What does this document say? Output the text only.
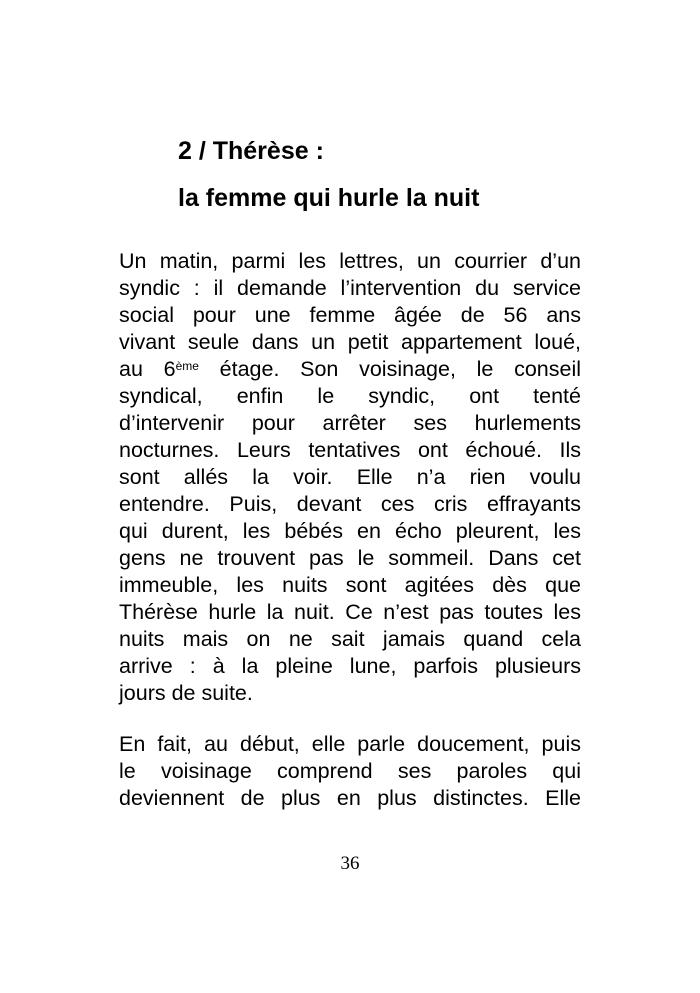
2 / Thérèse :
la femme qui hurle la nuit
Un matin, parmi les lettres, un courrier d’un
syndic : il demande l’intervention du service
social pour une femme âgée de 56 ans
vivant seule dans un petit appartement loué,
au 6ème étage. Son voisinage, le conseil
syndical, enfin le syndic, ont tenté
d’intervenir pour arrêter ses hurlements
nocturnes. Leurs tentatives ont échoué. Ils
sont allés la voir. Elle n’a rien voulu
entendre. Puis, devant ces cris effrayants
qui durent, les bébés en écho pleurent, les
gens ne trouvent pas le sommeil. Dans cet
immeuble, les nuits sont agitées dès que
Thérèse hurle la nuit. Ce n’est pas toutes les
nuits mais on ne sait jamais quand cela
arrive : à la pleine lune, parfois plusieurs
jours de suite.
En fait, au début, elle parle doucement, puis
le voisinage comprend ses paroles qui
deviennent de plus en plus distinctes. Elle
36
